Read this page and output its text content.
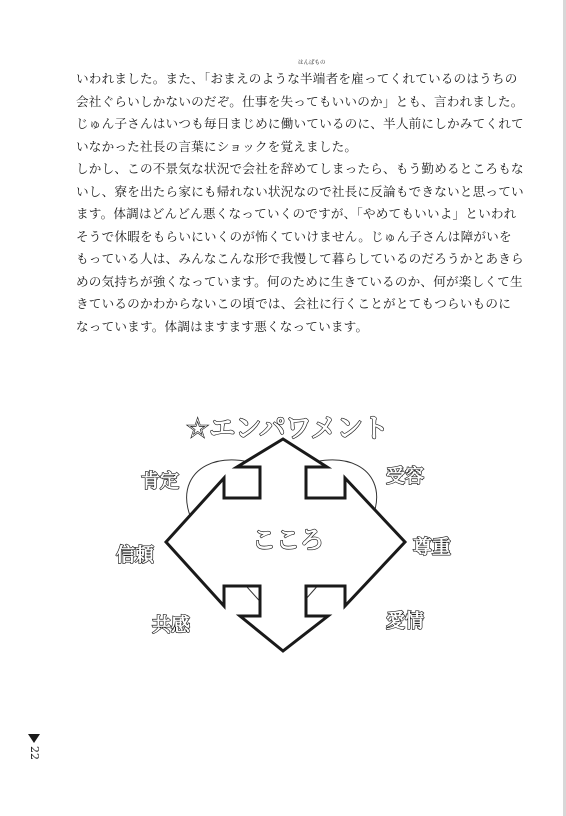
いわれました。また、「おまえのような
はんぱもの
半端者を雇ってくれているのはうちの
会社ぐらいしかないのだぞ。仕事を失ってもいいのか」とも、言われました。
じゅん子さんはいつも毎日まじめに働いているのに、半人前にしかみてくれて
いなかった社長の言葉にショックを覚えました。
しかし、この不景気な状況で会社を辞めてしまったら、もう勤めるところもな
いし、寮を出たら家にも帰れない状況なので社長に反論もできないと思ってい
ます。体調はどんどん悪くなっていくのですが、「やめてもいいよ」といわれ
そうで休暇をもらいにいくのが怖くていけません。じゅん子さんは障がいを
もっている人は、みんなこんな形で我慢して暮らしているのだろうかとあきら
めの気持ちが強くなっています。何のために生きているのか、何が楽しくて生
きているのかわからないこの頃では、会社に行くことがとてもつらいものに
なっています。体調はますます悪くなっています。
☆エンパワメント
こころ
肯定	受容
信頼	尊重
共感	愛情
22
